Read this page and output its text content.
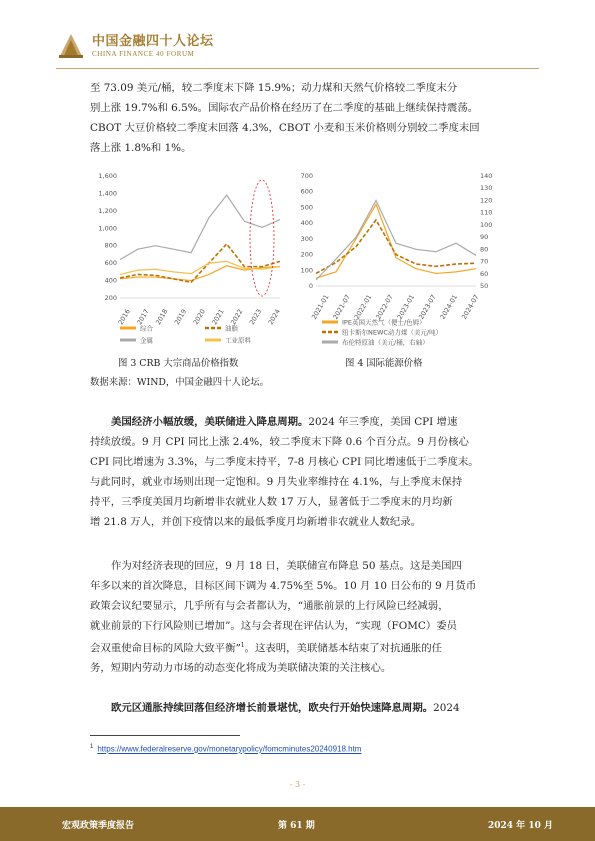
中国金融四十人论坛
CHINA FINANCE 40 FORUM
至 73.09 美元/桶，较二季度末下降 15.9%；动力煤和天然气价格较二季度末分
别上涨 19.7%和 6.5%。国际农产品价格在经历了在二季度的基础上继续保持震荡。
CBOT 大豆价格较二季度末回落 4.3%，CBOT 小麦和玉米价格则分别较二季度末回
落上涨 1.8%和 1%。
1,600
1,400
1,200
1,000
800
600
400
200
2016 2017 2018 2019 2020 2021 2022 2023 2024
综合	油脂
金属	工业原料
700
600
500
400
300
200
100
0
140
130
120
110
100
90
80
70
60
50
2021-01 2021-07 2022-01 2022-07 2023-01 2023-07 2024-01 2024-07
IPE英国天然气（便士/色姆）
纽卡斯尔NEWC动力煤（美元/吨）
布伦特原油（美元/桶，右轴）
图 3 CRB 大宗商品价格指数	图 4 国际能源价格
数据来源：WIND，中国金融四十人论坛。
美国经济小幅放缓，美联储进入降息周期。2024 年三季度，美国 CPI 增速
持续放缓。9 月 CPI 同比上涨 2.4%，较二季度末下降 0.6 个百分点。9 月份核心
CPI 同比增速为 3.3%，与二季度末持平，7-8 月核心 CPI 同比增速低于二季度末。
与此同时，就业市场则出现一定饱和。9 月失业率维持在 4.1%，与上季度末保持
持平，三季度美国月均新增非农就业人数 17 万人，显著低于二季度末的月均新
增 21.8 万人，并创下疫情以来的最低季度月均新增非农就业人数纪录。
作为对经济表现的回应，9 月 18 日，美联储宣布降息 50 基点。这是美国四
年多以来的首次降息，目标区间下调为 4.75%至 5%。10 月 10 日公布的 9 月货币
政策会议纪要显示，几乎所有与会者都认为，“通胀前景的上行风险已经减弱，
就业前景的下行风险则已增加”。这与会者现在评估认为，“实现（FOMC）委员
会双重使命目标的风险大致平衡”$^1$。这表明，美联储基本结束了对抗通胀的任
务，短期内劳动力市场的动态变化将成为美联储决策的关注核心。
欧元区通胀持续回落但经济增长前景堪忧，欧央行开始快速降息周期。2024
$^1$ https://www.federalreserve.gov/monetarypolicy/fomcminutes20240918.htm
- 3 -
宏观政策季度报告	第 61 期	2024 年 10 月
